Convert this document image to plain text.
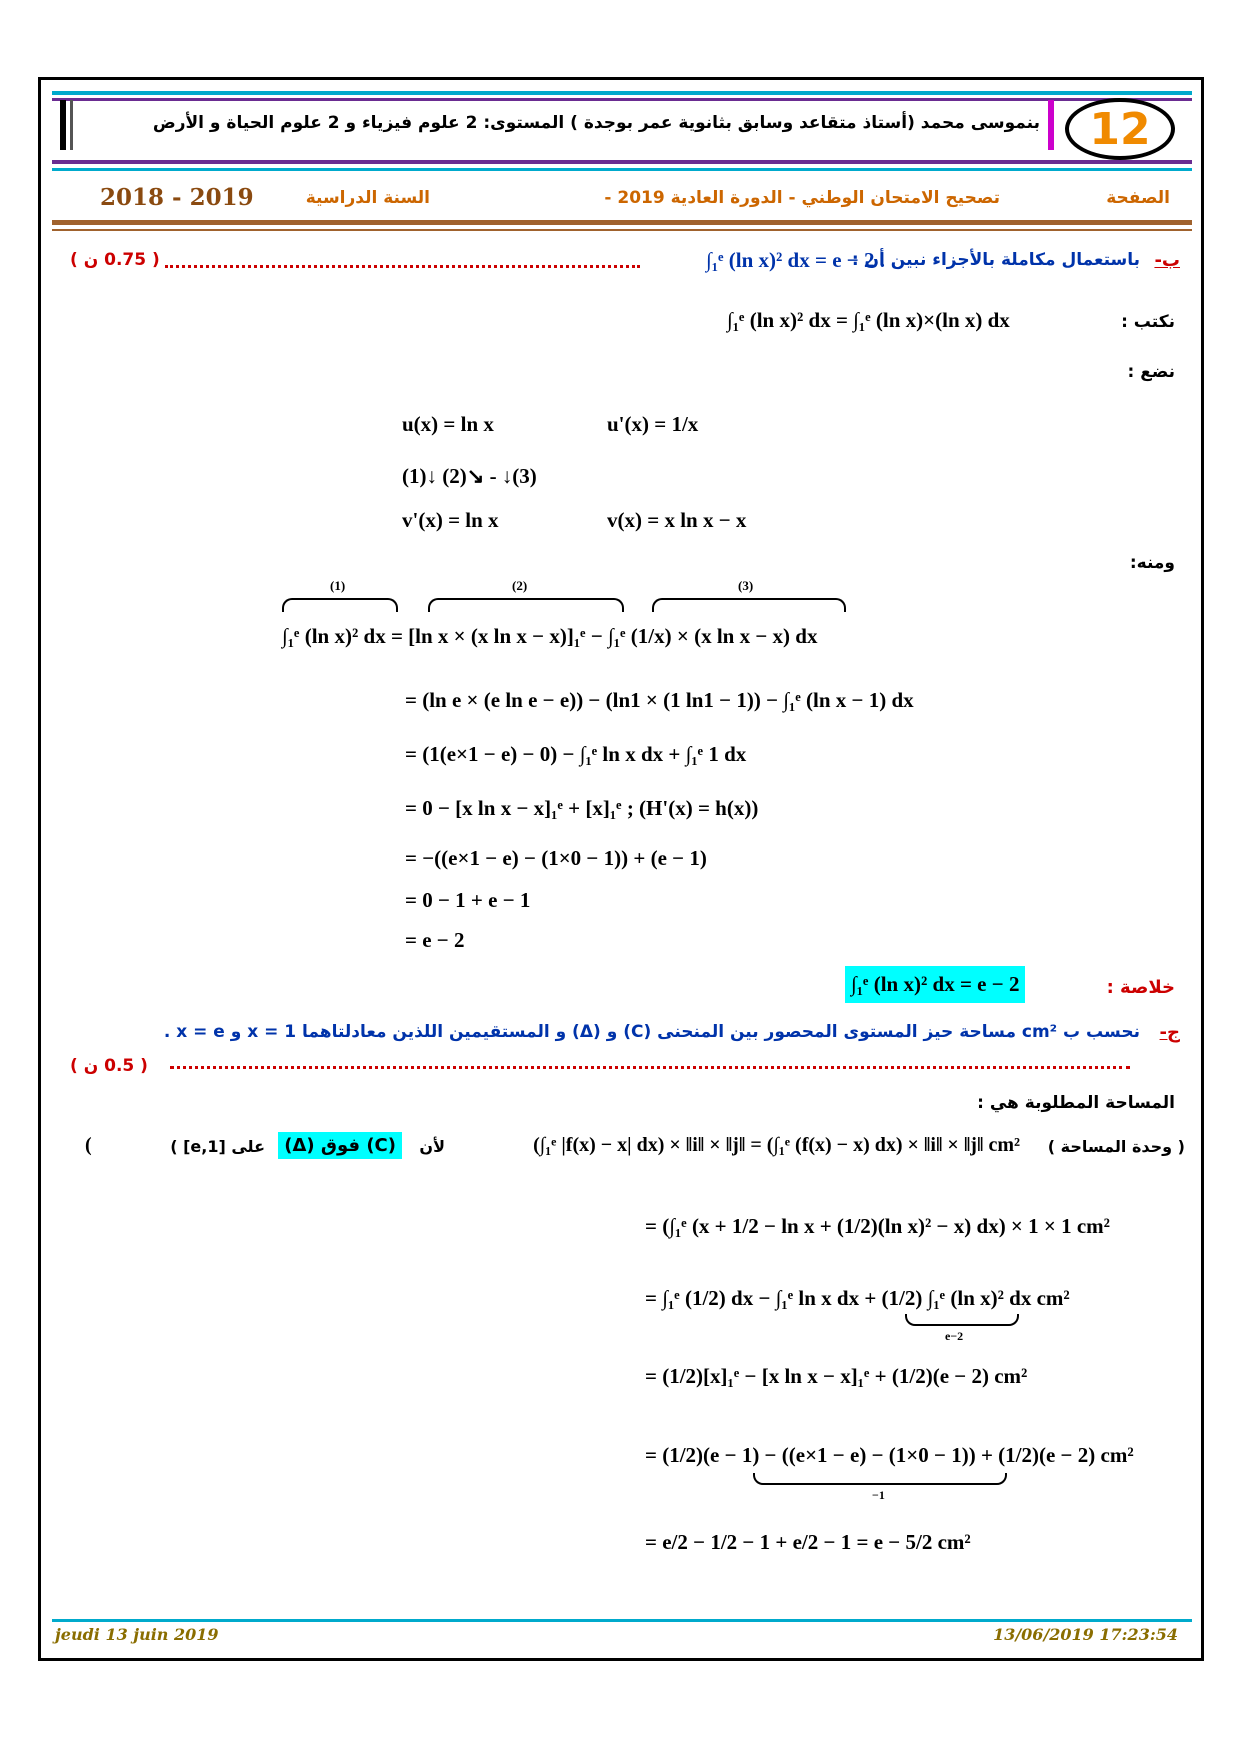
12
بنموسى محمد (أستاذ متقاعد وسابق بثانوية عمر بوجدة ) المستوى: 2 علوم فيزياء و 2 علوم الحياة و الأرض
الصفحة
تصحيح الامتحان الوطني - الدورة العادية 2019 -
السنة الدراسية
2018 - 2019
ب-
باستعمال مكاملة بالأجزاء نبين أن :
∫₁ᵉ (ln x)² dx = e − 2 .
( 0.75 ن )
نكتب :
∫₁ᵉ (ln x)² dx = ∫₁ᵉ (ln x)×(ln x) dx
نضع :
u(x) = ln x	u'(x) = 1/x
(1)↓ (2)↘ - ↓(3)
v'(x) = ln x	v(x) = x ln x − x
ومنه:
(1)	(2)	(3)
∫₁ᵉ (ln x)² dx = [ln x × (x ln x − x)]₁ᵉ − ∫₁ᵉ (1/x) × (x ln x − x) dx
= (ln e × (e ln e − e)) − (ln1 × (1 ln1 − 1)) − ∫₁ᵉ (ln x − 1) dx
= (1(e×1 − e) − 0) − ∫₁ᵉ ln x dx + ∫₁ᵉ 1 dx
= 0 − [x ln x − x]₁ᵉ + [x]₁ᵉ ; (H'(x) = h(x))
= −((e×1 − e) − (1×0 − 1)) + (e − 1)
= 0 − 1 + e − 1
= e − 2
خلاصة :
∫₁ᵉ (ln x)² dx = e − 2
ج-
نحسب ب cm² مساحة حيز المستوى المحصور بين المنحنى (C) و (Δ) و المستقيمين اللذين معادلتاهما x = 1 و x = e .
( 0.5 ن )
المساحة المطلوبة هي :
( وحدة المساحة )
(∫₁ᵉ |f(x) − x| dx) × ‖i‖ × ‖j‖ = (∫₁ᵉ (f(x) − x) dx) × ‖i‖ × ‖j‖ cm²
لأن
(C) فوق (Δ)
على [1,e] )
(
= (∫₁ᵉ (x + 1/2 − ln x + (1/2)(ln x)² − x) dx) × 1 × 1 cm²
= ∫₁ᵉ (1/2) dx − ∫₁ᵉ ln x dx + (1/2) ∫₁ᵉ (ln x)² dx cm²
e−2
= (1/2)[x]₁ᵉ − [x ln x − x]₁ᵉ + (1/2)(e − 2) cm²
= (1/2)(e − 1) − ((e×1 − e) − (1×0 − 1)) + (1/2)(e − 2) cm²
−1
= e/2 − 1/2 − 1 + e/2 − 1 = e − 5/2 cm²
jeudi 13 juin 2019	13/06/2019 17:23:54
